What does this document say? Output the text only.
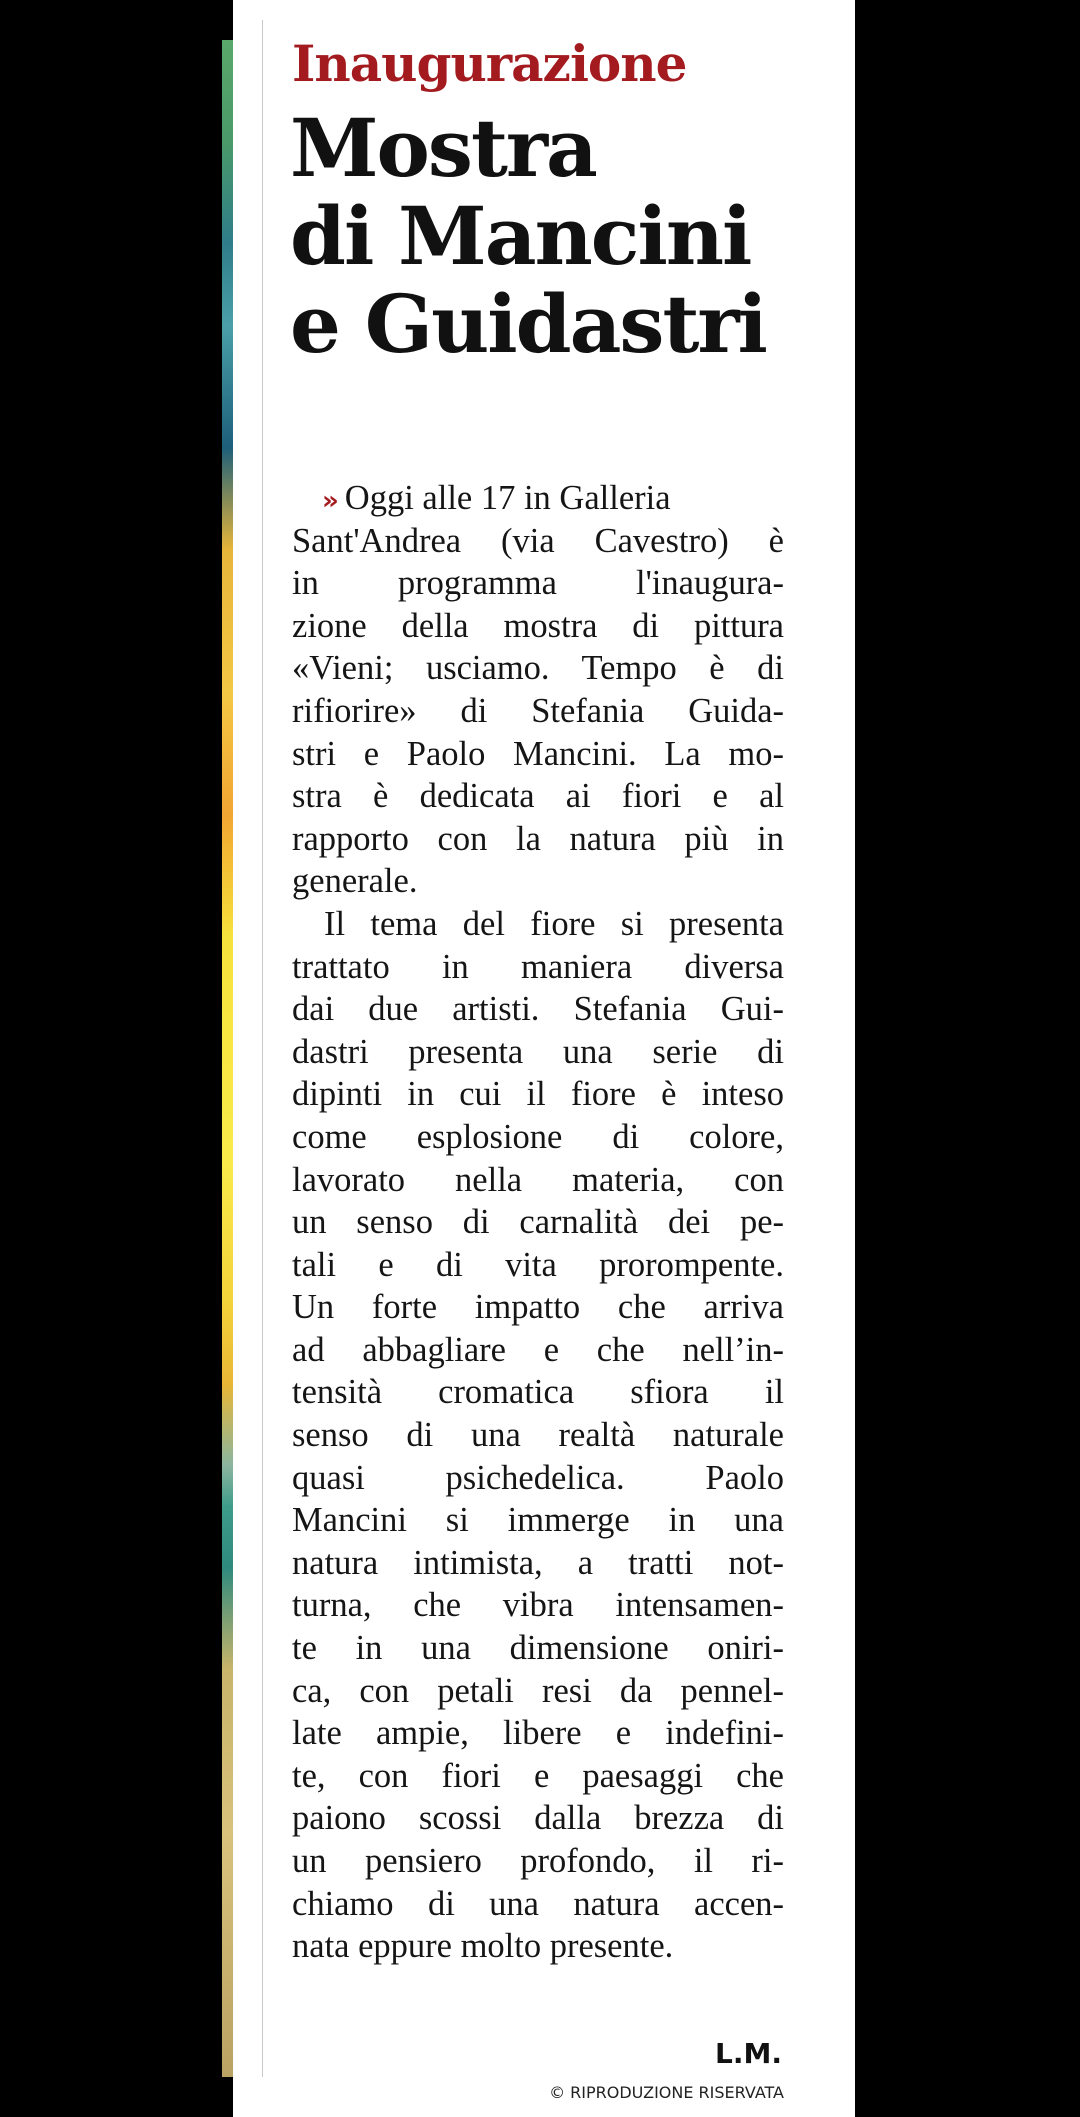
Inaugurazione
Mostra
di Mancini
e Guidastri
» Oggi alle 17 in Galleria
Sant'Andrea (via Cavestro) è
in programma l'inaugura-
zione della mostra di pittura
«Vieni; usciamo. Tempo è di
rifiorire» di Stefania Guida-
stri e Paolo Mancini. La mo-
stra è dedicata ai fiori e al
rapporto con la natura più in
generale.
Il tema del fiore si presenta
trattato in maniera diversa
dai due artisti. Stefania Gui-
dastri presenta una serie di
dipinti in cui il fiore è inteso
come esplosione di colore,
lavorato nella materia, con
un senso di carnalità dei pe-
tali e di vita prorompente.
Un forte impatto che arriva
ad abbagliare e che nell’in-
tensità cromatica sfiora il
senso di una realtà naturale
quasi psichedelica. Paolo
Mancini si immerge in una
natura intimista, a tratti not-
turna, che vibra intensamen-
te in una dimensione oniri-
ca, con petali resi da pennel-
late ampie, libere e indefini-
te, con fiori e paesaggi che
paiono scossi dalla brezza di
un pensiero profondo, il ri-
chiamo di una natura accen-
nata eppure molto presente.
L.M.
© RIPRODUZIONE RISERVATA
